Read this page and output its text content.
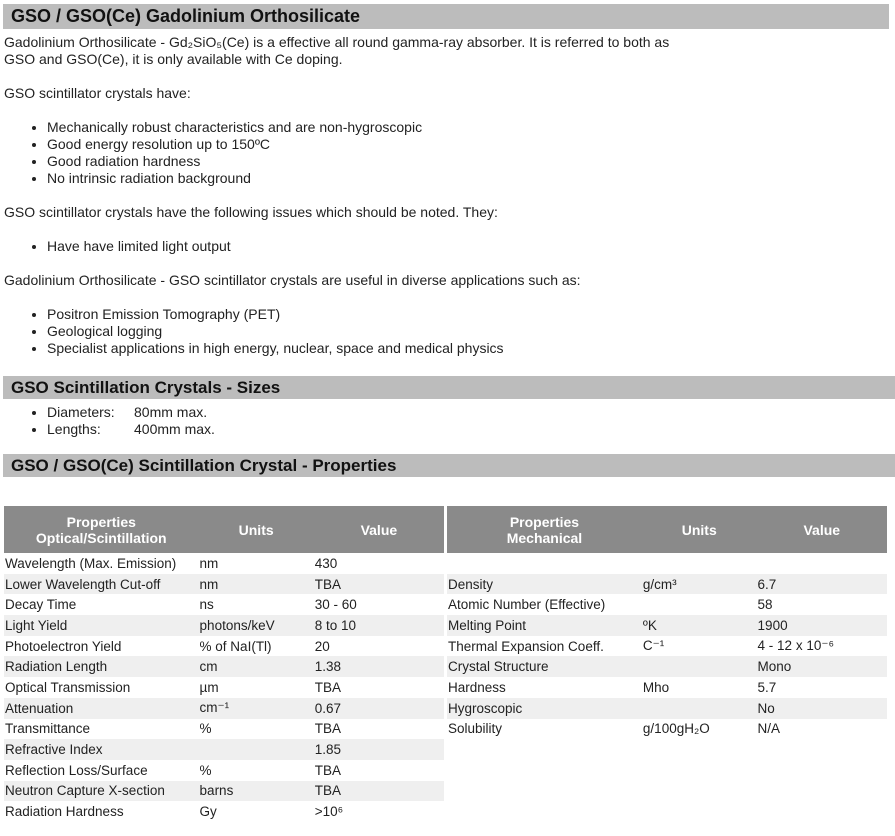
GSO / GSO(Ce) Gadolinium Orthosilicate

Gadolinium Orthosilicate - Gd₂SiO₅(Ce) is a effective all round gamma-ray absorber. It is referred to both as

GSO and GSO(Ce), it is only available with Ce doping.

GSO scintillator crystals have:

• Mechanically robust characteristics and are non-hygroscopic
• Good energy resolution up to 150ºC
• Good radiation hardness
• No intrinsic radiation background

GSO scintillator crystals have the following issues which should be noted. They:

• Have have limited light output

Gadolinium Orthosilicate - GSO scintillator crystals are useful in diverse applications such as:

• Positron Emission Tomography (PET)
• Geological logging
• Specialist applications in high energy, nuclear, space and medical physics
GSO Scintillation Crystals - Sizes
• Diameters: 80mm max.
• Lengths: 400mm max.
GSO / GSO(Ce) Scintillation Crystal - Properties
Properties
Optical/Scintillation	Units	Value
Wavelength (Max. Emission)	nm	430
Lower Wavelength Cut-off	nm	TBA
Decay Time	ns	30 - 60
Light Yield	photons/keV	8 to 10
Photoelectron Yield	% of NaI(Tl)	20
Radiation Length	cm	1.38
Optical Transmission	µm	TBA
Attenuation	cm⁻¹	0.67
Transmittance	%	TBA
Refractive Index		1.85
Reflection Loss/Surface	%	TBA
Neutron Capture X-section	barns	TBA
Radiation Hardness	Gy	>10⁶
Properties
Mechanical	Units	Value

Density	g/cm³	6.7
Atomic Number (Effective)		58
Melting Point	ºK	1900
Thermal Expansion Coeff.	C⁻¹	4 - 12 x 10⁻⁶
Crystal Structure		Mono
Hardness	Mho	5.7
Hygroscopic		No
Solubility	g/100gH₂O	N/A
